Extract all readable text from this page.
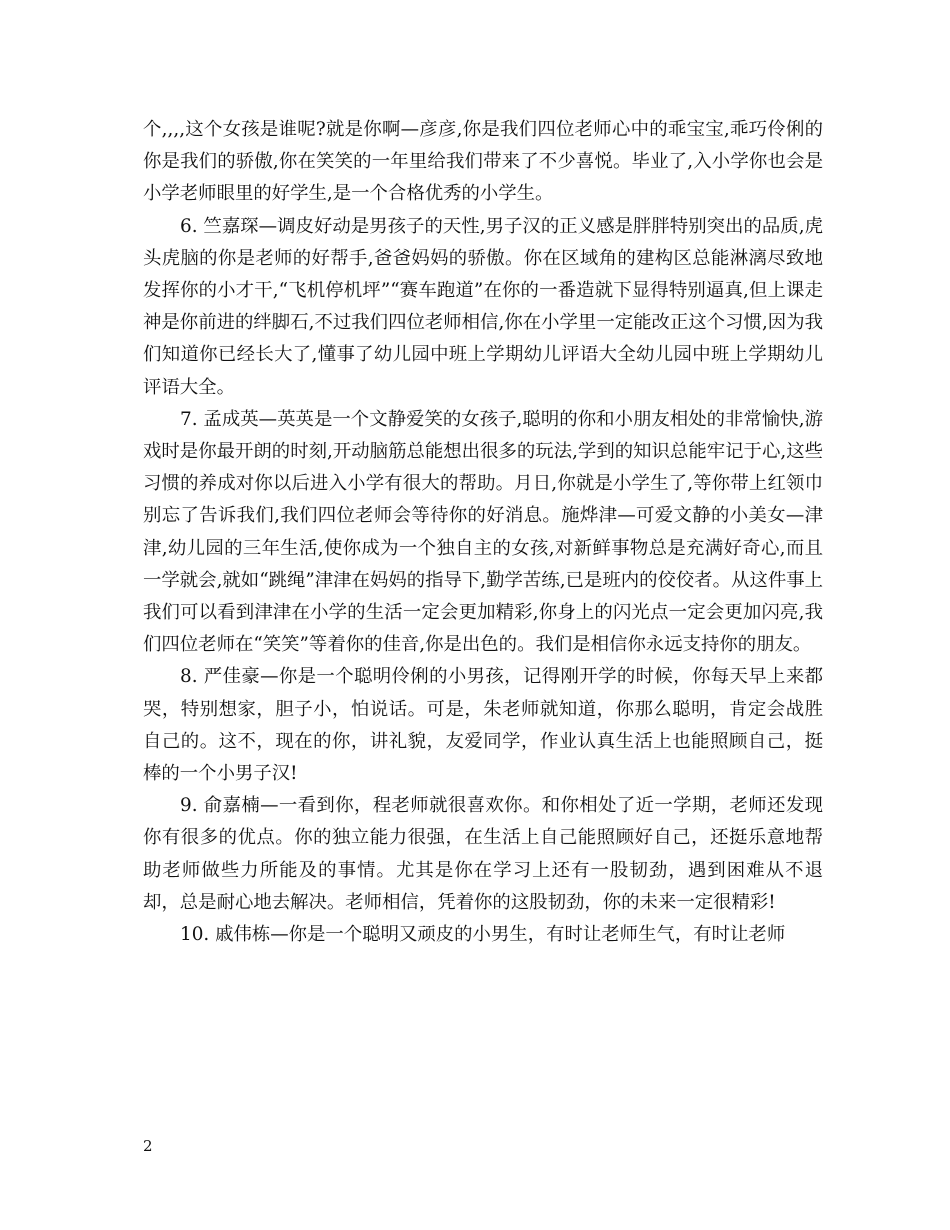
个,,,,这个女孩是谁呢?就是你啊—彦彦,你是我们四位老师心中的乖宝宝,乖巧伶俐的你是我们的骄傲,你在笑笑的一年里给我们带来了不少喜悦。毕业了,入小学你也会是小学老师眼里的好学生,是一个合格优秀的小学生。

6. 竺嘉琛—调皮好动是男孩子的天性,男子汉的正义感是胖胖特别突出的品质,虎头虎脑的你是老师的好帮手,爸爸妈妈的骄傲。你在区域角的建构区总能淋漓尽致地发挥你的小才干,“飞机停机坪”“赛车跑道”在你的一番造就下显得特别逼真,但上课走神是你前进的绊脚石,不过我们四位老师相信,你在小学里一定能改正这个习惯,因为我们知道你已经长大了,懂事了幼儿园中班上学期幼儿评语大全幼儿园中班上学期幼儿评语大全。

7. 孟成英—英英是一个文静爱笑的女孩子,聪明的你和小朋友相处的非常愉快,游戏时是你最开朗的时刻,开动脑筋总能想出很多的玩法,学到的知识总能牢记于心,这些习惯的养成对你以后进入小学有很大的帮助。月日,你就是小学生了,等你带上红领巾别忘了告诉我们,我们四位老师会等待你的好消息。施烨津—可爱文静的小美女—津津,幼儿园的三年生活,使你成为一个独自主的女孩,对新鲜事物总是充满好奇心,而且一学就会,就如“跳绳”津津在妈妈的指导下,勤学苦练,已是班内的佼佼者。从这件事上我们可以看到津津在小学的生活一定会更加精彩,你身上的闪光点一定会更加闪亮,我们四位老师在“笑笑”等着你的佳音,你是出色的。我们是相信你永远支持你的朋友。

8. 严佳豪—你是一个聪明伶俐的小男孩，记得刚开学的时候，你每天早上来都哭，特别想家，胆子小，怕说话。可是，朱老师就知道，你那么聪明，肯定会战胜自己的。这不，现在的你，讲礼貌，友爱同学，作业认真生活上也能照顾自己，挺棒的一个小男子汉!

9. 俞嘉楠—一看到你，程老师就很喜欢你。和你相处了近一学期，老师还发现你有很多的优点。你的独立能力很强，在生活上自己能照顾好自己，还挺乐意地帮助老师做些力所能及的事情。尤其是你在学习上还有一股韧劲，遇到困难从不退却，总是耐心地去解决。老师相信，凭着你的这股韧劲，你的未来一定很精彩!

10. 戚伟栋—你是一个聪明又顽皮的小男生，有时让老师生气，有时让老师

2
